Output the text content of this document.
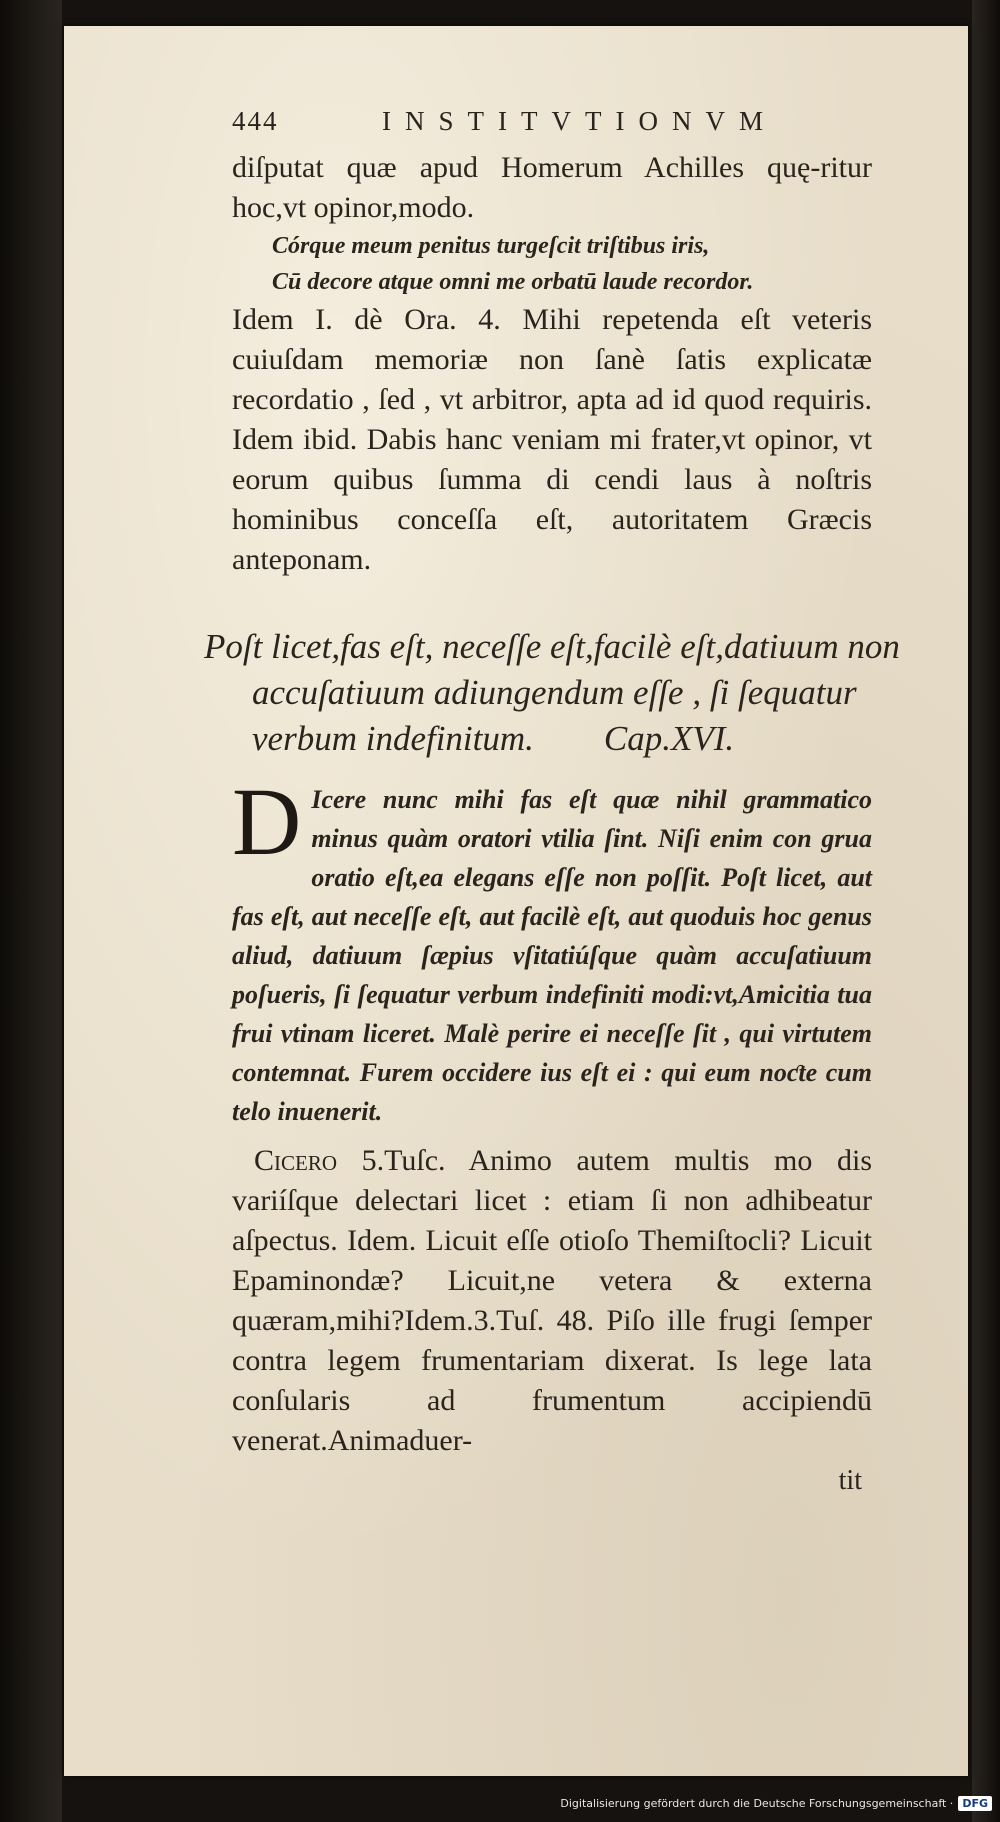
444	INSTITVTIONVM

diſputat quæ apud Homerum Achilles quę-ritur hoc,vt opinor,modo.

Córque meum penitus turgeſcit triſtibus iris,

Cū decore atque omni me orbatū laude recordor.

Idem I. dè Ora. 4. Mihi repetenda eſt veteris cuiuſdam memoriæ non ſanè ſatis explicatæ recordatio , ſed , vt arbitror, apta ad id quod requiris. Idem ibid. Dabis hanc veniam mi frater,vt opinor, vt eorum quibus ſumma di cendi laus à noſtris hominibus conceſſa eſt, autoritatem Græcis anteponam.

Poſt licet,fas eſt, neceſſe eſt,facilè eſt,datiuum non accuſatiuum adiungendum eſſe , ſi ſequatur verbum indefinitum. Cap.XVI.
D Icere nunc mihi fas eſt quæ nihil grammatico minus quàm oratori vtilia ſint. Niſi enim con grua oratio eſt,ea elegans eſſe non poſſit. Poſt licet, aut fas eſt, aut neceſſe eſt, aut facilè eſt, aut quoduis hoc genus aliud, datiuum ſæpius vſitatiúſque quàm accuſatiuum poſueris, ſi ſequatur verbum indefiniti modi:vt,Amicitia tua frui vtinam liceret. Malè perire ei neceſſe ſit , qui virtutem contemnat. Furem occidere ius eſt ei : qui eum noƈte cum telo inuenerit.

Cicero 5.Tuſc. Animo autem multis mo dis variíſque delectari licet : etiam ſi non adhibeatur aſpectus. Idem. Licuit eſſe otioſo Themiſtocli? Licuit Epaminondæ? Licuit,ne vetera & externa quæram,mihi?Idem.3.Tuſ. 48. Piſo ille frugi ſemper contra legem frumentariam dixerat. Is lege lata conſularis ad frumentum accipiendū venerat.Animaduer-

tit
Digitalisierung gefördert durch die Deutsche Forschungsgemeinschaft · DFG
